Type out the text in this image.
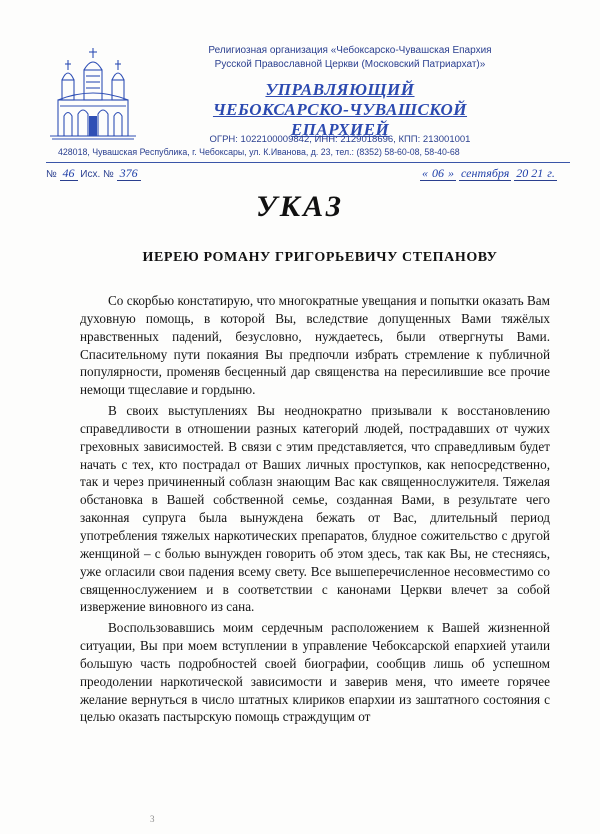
Религиозная организация «Чебоксарско-Чувашская Епархия
Русской Православной Церкви (Московский Патриархат)»
УПРАВЛЯЮЩИЙ
ЧЕБОКСАРСКО-ЧУВАШСКОЙ ЕПАРХИЕЙ
ОГРН: 1022100009842, ИНН: 2129018696, КПП: 213001001
428018, Чувашская Республика, г. Чебоксары, ул. К.Иванова, д. 23, тел.: (8352) 58-60-08, 58-40-68
№ 46 Исх. № 376	« 06 » сентября 20 21 г.
УКАЗ
ИЕРЕЮ РОМАНУ ГРИГОРЬЕВИЧУ СТЕПАНОВУ

Со скорбью констатирую, что многократные увещания и попытки оказать Вам духовную помощь, в которой Вы, вследствие допущенных Вами тяжёлых нравственных падений, безусловно, нуждаетесь, были отвергнуты Вами. Спасительному пути покаяния Вы предпочли избрать стремление к публичной популярности, променяв бесценный дар священства на пересилившие все прочие немощи тщеславие и гордыню.

В своих выступлениях Вы неоднократно призывали к восстановлению справедливости в отношении разных категорий людей, пострадавших от чужих греховных зависимостей. В связи с этим представляется, что справедливым будет начать с тех, кто пострадал от Ваших личных проступков, как непосредственно, так и через причиненный соблазн знающим Вас как священнослужителя. Тяжелая обстановка в Вашей собственной семье, созданная Вами, в результате чего законная супруга была вынуждена бежать от Вас, длительный период употребления тяжелых наркотических препаратов, блудное сожительство с другой женщиной – с болью вынужден говорить об этом здесь, так как Вы, не стесняясь, уже огласили свои падения всему свету. Все вышеперечисленное несовместимо со священнослужением и в соответствии с канонами Церкви влечет за собой извержение виновного из сана.

Воспользовавшись моим сердечным расположением к Вашей жизненной ситуации, Вы при моем вступлении в управление Чебоксарской епархией утаили большую часть подробностей своей биографии, сообщив лишь об успешном преодолении наркотической зависимости и заверив меня, что имеете горячее желание вернуться в число штатных клириков епархии из заштатного состояния с целью оказать пастырскую помощь страждущим от

3
